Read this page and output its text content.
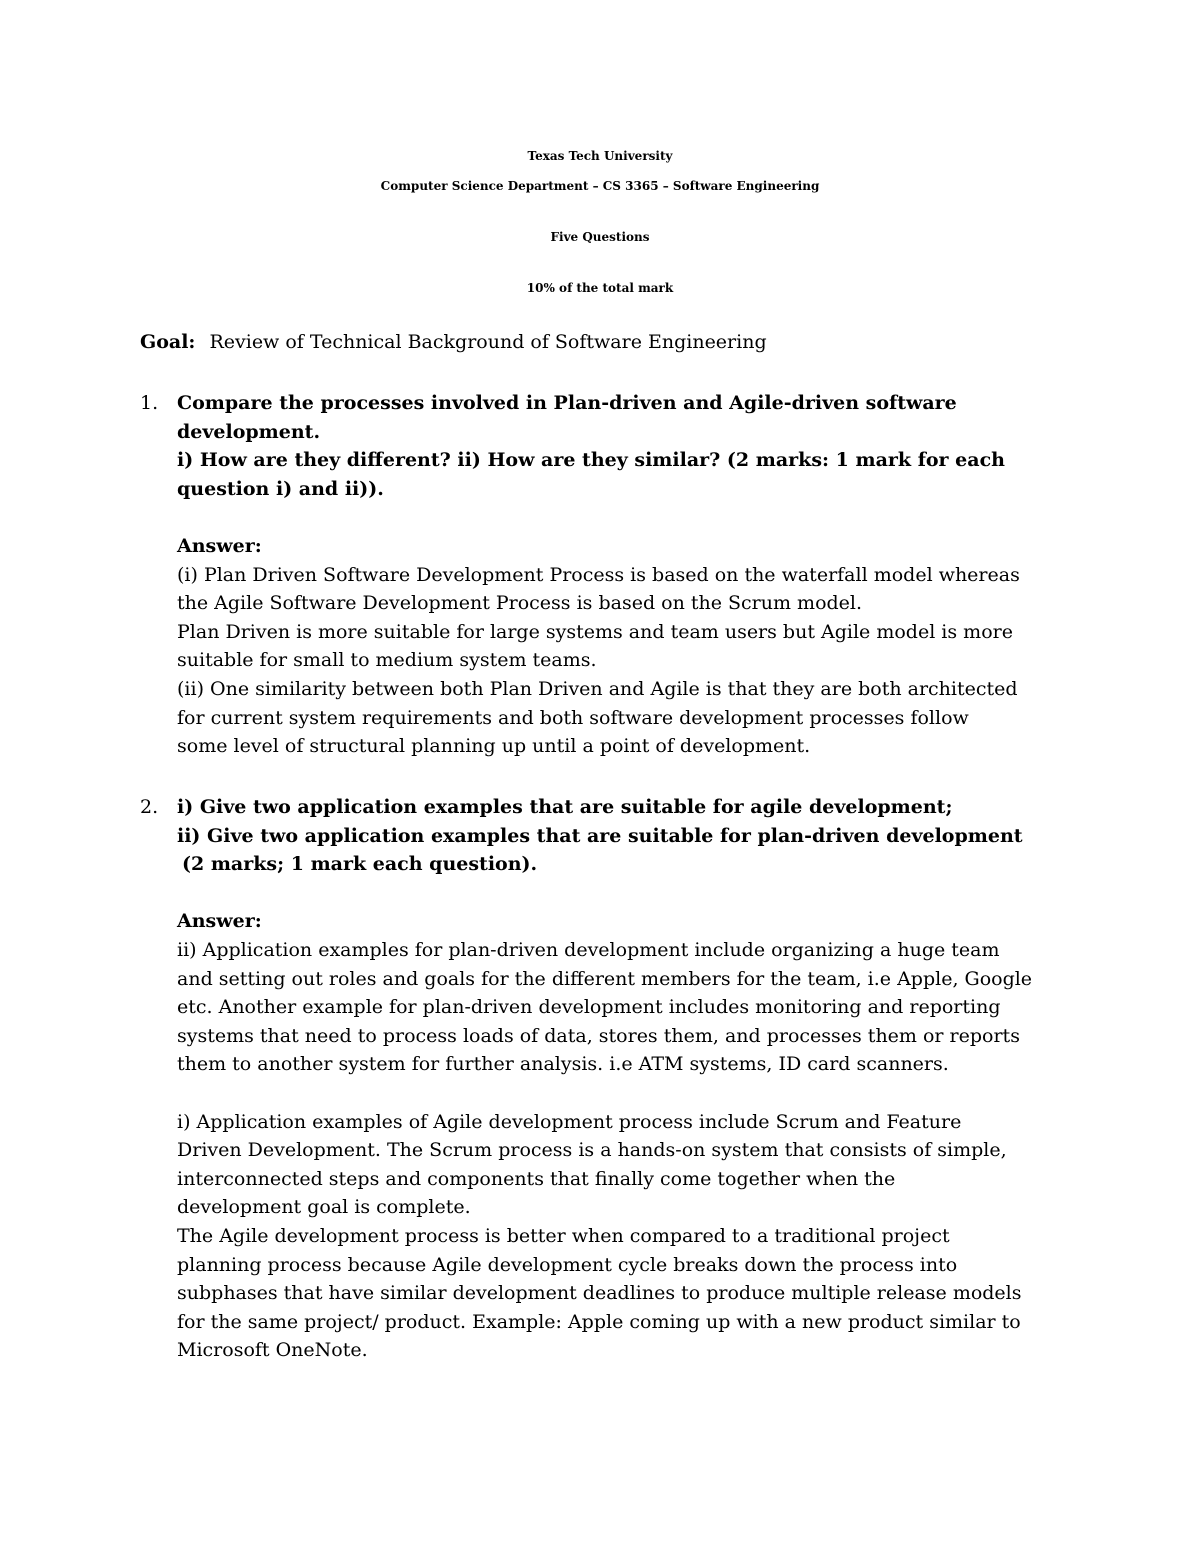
Texas Tech University
Computer Science Department – CS 3365 – Software Engineering
Five Questions
10% of the total mark
Goal: Review of Technical Background of Software Engineering
1. Compare the processes involved in Plan-driven and Agile-driven software
development.
i) How are they different? ii) How are they similar? (2 marks: 1 mark for each
question i) and ii)).
Answer:
(i) Plan Driven Software Development Process is based on the waterfall model whereas
the Agile Software Development Process is based on the Scrum model.
Plan Driven is more suitable for large systems and team users but Agile model is more
suitable for small to medium system teams.
(ii) One similarity between both Plan Driven and Agile is that they are both architected
for current system requirements and both software development processes follow
some level of structural planning up until a point of development.
2. i) Give two application examples that are suitable for agile development;
ii) Give two application examples that are suitable for plan-driven development
(2 marks; 1 mark each question).
Answer:
ii) Application examples for plan-driven development include organizing a huge team
and setting out roles and goals for the different members for the team, i.e Apple, Google
etc. Another example for plan-driven development includes monitoring and reporting
systems that need to process loads of data, stores them, and processes them or reports
them to another system for further analysis. i.e ATM systems, ID card scanners.
i) Application examples of Agile development process include Scrum and Feature
Driven Development. The Scrum process is a hands-on system that consists of simple,
interconnected steps and components that finally come together when the
development goal is complete.
The Agile development process is better when compared to a traditional project
planning process because Agile development cycle breaks down the process into
subphases that have similar development deadlines to produce multiple release models
for the same project/ product. Example: Apple coming up with a new product similar to
Microsoft OneNote.
